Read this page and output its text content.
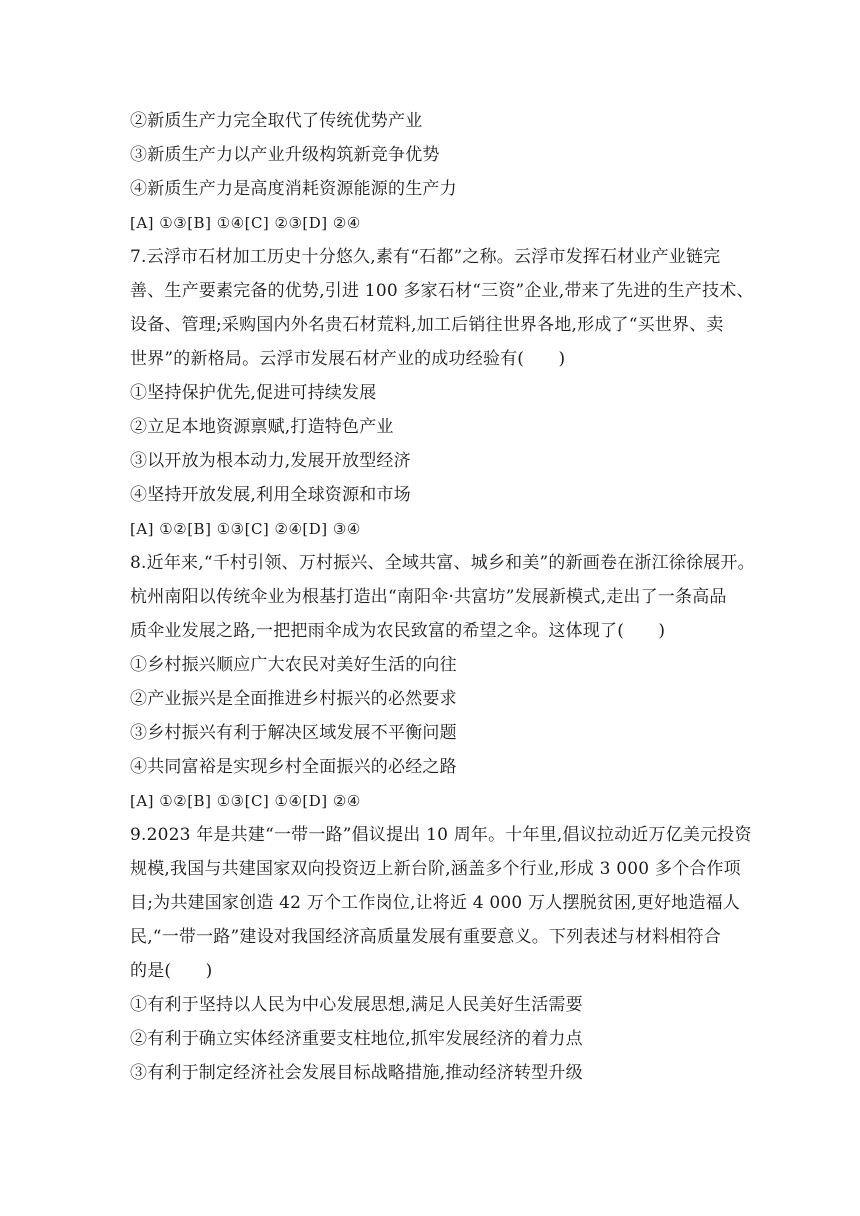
②新质生产力完全取代了传统优势产业
③新质生产力以产业升级构筑新竞争优势
④新质生产力是高度消耗资源能源的生产力
[A] ①③[B] ①④[C] ②③[D] ②④
7.云浮市石材加工历史十分悠久,素有“石都”之称。云浮市发挥石材业产业链完
善、生产要素完备的优势,引进 100 多家石材“三资”企业,带来了先进的生产技术、
设备、管理;采购国内外名贵石材荒料,加工后销往世界各地,形成了“买世界、卖
世界”的新格局。云浮市发展石材产业的成功经验有(　　)
①坚持保护优先,促进可持续发展
②立足本地资源禀赋,打造特色产业
③以开放为根本动力,发展开放型经济
④坚持开放发展,利用全球资源和市场
[A] ①②[B] ①③[C] ②④[D] ③④
8.近年来,“千村引领、万村振兴、全域共富、城乡和美”的新画卷在浙江徐徐展开。
杭州南阳以传统伞业为根基打造出“南阳伞·共富坊”发展新模式,走出了一条高品
质伞业发展之路,一把把雨伞成为农民致富的希望之伞。这体现了(　　)
①乡村振兴顺应广大农民对美好生活的向往
②产业振兴是全面推进乡村振兴的必然要求
③乡村振兴有利于解决区域发展不平衡问题
④共同富裕是实现乡村全面振兴的必经之路
[A] ①②[B] ①③[C] ①④[D] ②④
9.2023 年是共建“一带一路”倡议提出 10 周年。十年里,倡议拉动近万亿美元投资
规模,我国与共建国家双向投资迈上新台阶,涵盖多个行业,形成 3 000 多个合作项
目;为共建国家创造 42 万个工作岗位,让将近 4 000 万人摆脱贫困,更好地造福人
民,“一带一路”建设对我国经济高质量发展有重要意义。下列表述与材料相符合
的是(　　)
①有利于坚持以人民为中心发展思想,满足人民美好生活需要
②有利于确立实体经济重要支柱地位,抓牢发展经济的着力点
③有利于制定经济社会发展目标战略措施,推动经济转型升级
